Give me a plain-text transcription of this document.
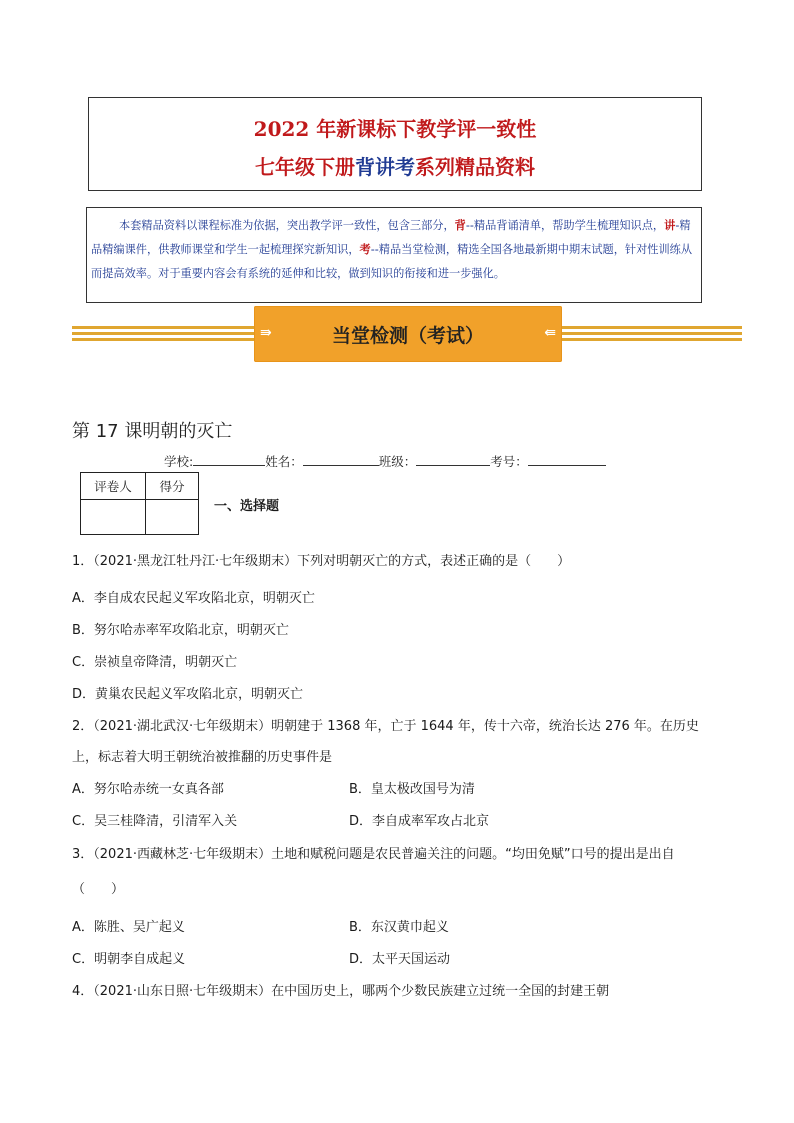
2022 年新课标下教学评一致性
七年级下册背讲考系列精品资料
本套精品资料以课程标准为依据，突出教学评一致性，包含三部分，背--精品背诵清单，帮助学生梳理知识点，讲-精品精编课件，供教师课堂和学生一起梳理探究新知识，考--精品当堂检测，精选全国各地最新期中期末试题，针对性训练从而提高效率。对于重要内容会有系统的延伸和比较，做到知识的衔接和进一步强化。
⇛	当堂检测（考试）	⇚
第 17 课明朝的灭亡
学校:	姓名：	班级：	考号：
评卷人	得分

一、选择题
1．（2021·黑龙江牡丹江·七年级期末）下列对明朝灭亡的方式，表述正确的是（　　）
A．李自成农民起义军攻陷北京，明朝灭亡
B．努尔哈赤率军攻陷北京，明朝灭亡
C．崇祯皇帝降清，明朝灭亡
D．黄巢农民起义军攻陷北京，明朝灭亡
2．（2021·湖北武汉·七年级期末）明朝建于 1368 年，亡于 1644 年，传十六帝，统治长达 276 年。在历史
上，标志着大明王朝统治被推翻的历史事件是
A．努尔哈赤统一女真各部	B．皇太极改国号为清
C．吴三桂降清，引清军入关	D．李自成率军攻占北京
3．（2021·西藏林芝·七年级期末）土地和赋税问题是农民普遍关注的问题。“均田免赋”口号的提出是出自
（　　）
A．陈胜、吴广起义	B．东汉黄巾起义
C．明朝李自成起义	D．太平天国运动
4．（2021·山东日照·七年级期末）在中国历史上，哪两个少数民族建立过统一全国的封建王朝
